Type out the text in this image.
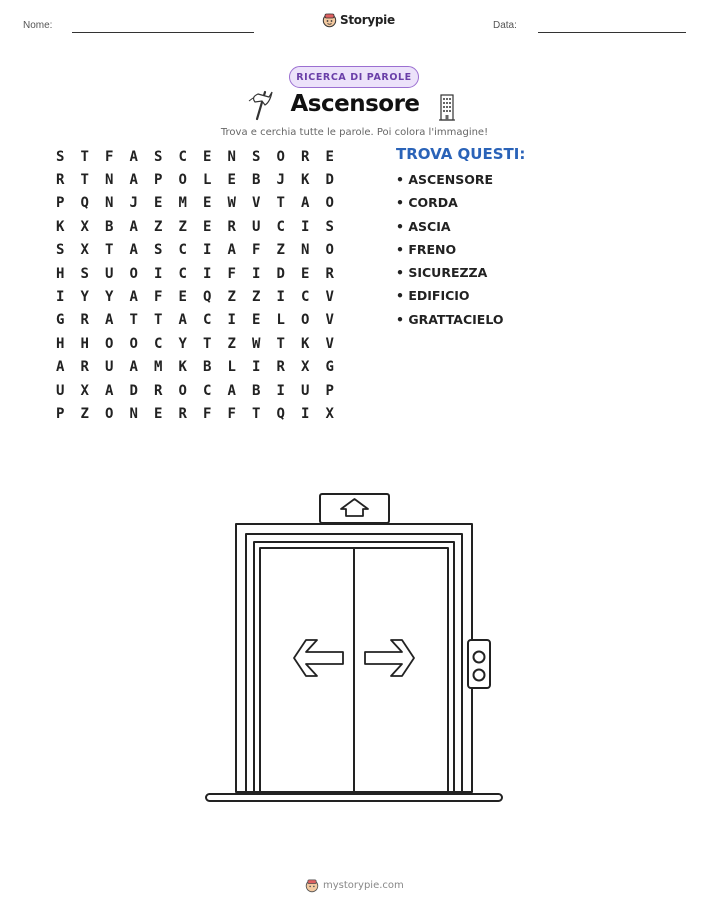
Nome:	Storypie	Data:
RICERCA DI PAROLE
Ascensore
Trova e cerchia tutte le parole. Poi colora l'immagine!
S	T	F	A	S	C	E	N	S	O	R	E
R	T	N	A	P	O	L	E	B	J	K	D
P	Q	N	J	E	M	E	W	V	T	A	O
K	X	B	A	Z	Z	E	R	U	C	I	S
S	X	T	A	S	C	I	A	F	Z	N	O
H	S	U	O	I	C	I	F	I	D	E	R
I	Y	Y	A	F	E	Q	Z	Z	I	C	V
G	R	A	T	T	A	C	I	E	L	O	V
H	H	O	O	C	Y	T	Z	W	T	K	V
A	R	U	A	M	K	B	L	I	R	X	G
U	X	A	D	R	O	C	A	B	I	U	P
P	Z	O	N	E	R	F	F	T	Q	I	X
TROVA QUESTI:
• ASCENSORE
• CORDA
• ASCIA
• FRENO
• SICUREZZA
• EDIFICIO
• GRATTACIELO
mystorypie.com
